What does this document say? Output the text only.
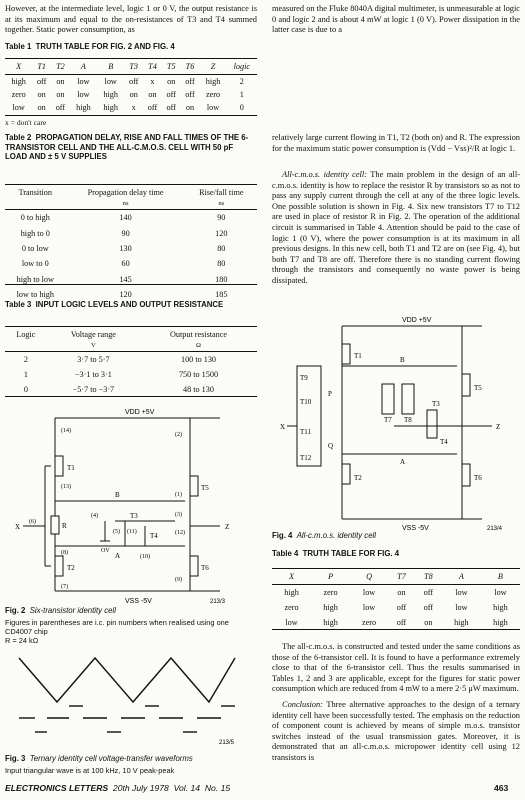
However, at the intermediate level, logic 1 or 0 V, the output resistance is at its maximum and equal to the on-resistances of T3 and T4 summed together. Static power consumption, as

Table 1 TRUTH TABLE FOR FIG. 2 AND FIG. 4
X	T1	T2	A	B	T3	T4	T5	T6	Z	logic
high	off	on	low	low	off	x	on	off	high	2
zero	on	on	low	high	on	on	off	off	zero	1
low	on	off	high	high	x	off	off	on	low	0
x = don't care
Table 2 PROPAGATION DELAY, RISE AND FALL TIMES OF THE 6-TRANSISTOR CELL AND THE ALL-C.M.O.S. CELL WITH 50 pF LOAD AND ± 5 V SUPPLIES
Transition	Propagation delay time	Rise/fall time
	ns	ns
0 to high	140	90
high to 0	90	120
0 to low	130	80
low to 0	60	80
high to low	145	180
low to high	120	185
Table 3 INPUT LOGIC LEVELS AND OUTPUT RESISTANCE
Logic	Voltage range	Output resistance
	V	Ω
2	3·7 to 5·7	100 to 130
1	−3·1 to 3·1	750 to 1500
0	−5·7 to −3·7	48 to 130
VDD +5V
VSS -5V	213/3
T1
T2
T3
T4
T5
T6
R
X	Z
A
B
OV
(14)
(13)
(6)
(8)
(7)
(1)
(2)
(3)
(4)
(5) (11)	(12)
(10)
(9)
Fig. 2 Six-transistor identity cell
Figures in parentheses are i.c. pin numbers when realised using one CD4007 chip
R = 24 kΩ
213/5
Fig. 3 Ternary identity cell voltage-transfer waveforms
Input triangular wave is at 100 kHz, 10 V peak-peak

measured on the Fluke 8040A digital multimeter, is unmeasurable at logic 0 and logic 2 and is about 4 mW at logic 1 (0 V). Power dissipation in the latter case is due to a

relatively large current flowing in T1, T2 (both on) and R. The expression for the maximum static power consumption is (Vdd − Vss)²/R at logic 1.

All-c.m.o.s. identity cell: The main problem in the design of an all-c.m.o.s. identity is how to replace the resistor R by transistors so as not to pass any supply current through the cell at any of the three logic levels. One possible solution is shown in Fig. 4. Six new transistors T7 to T12 are used in place of resistor R in Fig. 2. The operation of the additional circuit is summarised in Table 4. Attention should be paid to the case of logic 1 (0 V), where the power consumption is at its maximum in all previous designs. In this new cell, both T1 and T2 are on (see Fig. 4), but both T7 and T8 are off. Therefore there is no standing current flowing through the transistors and consequently no waste power is being dissipated.

VDD +5V
VSS -5V	213/4
T1
T2
T3
T4
T5
T6
T7 T8
T9
T10
T11
T12
P
Q
A
B
X	Z
Fig. 4 All-c.m.o.s. identity cell
Table 4 TRUTH TABLE FOR FIG. 4
X	P	Q	T7	T8	A	B
high	zero	low	on	off	low	low
zero	high	low	off	off	low	high
low	high	zero	off	on	high	high

The all-c.m.o.s. is constructed and tested under the same conditions as those of the 6-transistor cell. It is found to have a performance extremely close to that of the 6-transistor cell. Thus the results summarised in Tables 1, 2 and 3 are applicable, except for the figures for static power consumption which are reduced from 4 mW to a mere 2·5 μW maximum.

Conclusion: Three alternative approaches to the design of a ternary identity cell have been successfully tested. The emphasis on the reduction of component count is achieved by means of simple m.o.s. transistor switches instead of the usual transmission gates. Moreover, it is demonstrated that an all-c.m.o.s. micropower identity cell using 12 transistors is

ELECTRONICS LETTERS 20th July 1978 Vol. 14 No. 15	463
